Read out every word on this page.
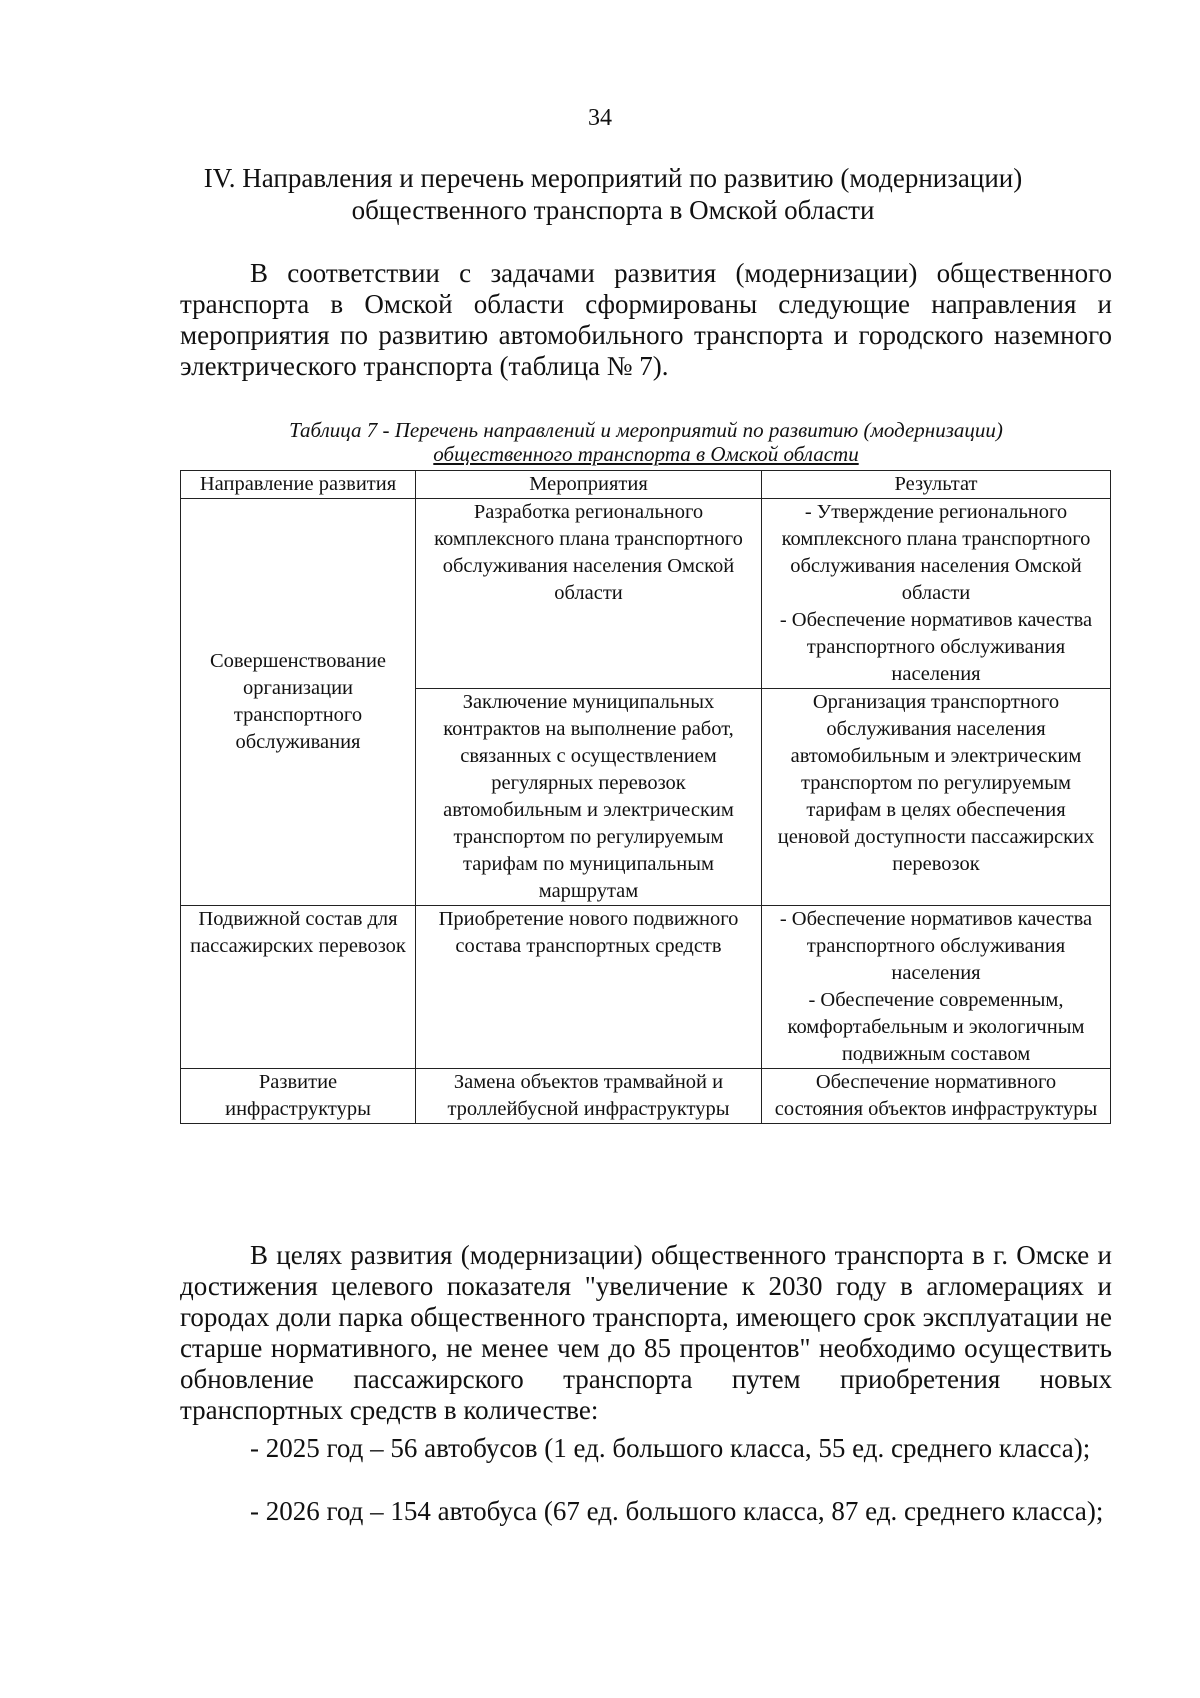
34
IV. Направления и перечень мероприятий по развитию (модернизации)
общественного транспорта в Омской области
В соответствии с задачами развития (модернизации) общественного транспорта в Омской области сформированы следующие направления и мероприятия по развитию автомобильного транспорта и городского наземного электрического транспорта (таблица № 7).
Таблица 7 - Перечень направлений и мероприятий по развитию (модернизации)
общественного транспорта в Омской области
Направление развития	Мероприятия	Результат
Совершенствование организации транспортного обслуживания	Разработка регионального комплексного плана транспортного обслуживания населения Омской области	- Утверждение регионального комплексного плана транспортного обслуживания населения Омской области
- Обеспечение нормативов качества транспортного обслуживания населения

	Заключение муниципальных контрактов на выполнение работ, связанных с осуществлением регулярных перевозок автомобильным и электрическим транспортом по регулируемым тарифам по муниципальным маршрутам	Организация транспортного обслуживания населения автомобильным и электрическим транспортом по регулируемым тарифам в целях обеспечения ценовой доступности пассажирских перевозок
Подвижной состав для пассажирских перевозок	Приобретение нового подвижного состава транспортных средств	- Обеспечение нормативов качества транспортного обслуживания населения
- Обеспечение современным, комфортабельным и экологичным подвижным составом

Развитие инфраструктуры	Замена объектов трамвайной и троллейбусной инфраструктуры	Обеспечение нормативного состояния объектов инфраструктуры
В целях развития (модернизации) общественного транспорта в г. Омске и достижения целевого показателя "увеличение к 2030 году в агломерациях и городах доли парка общественного транспорта, имеющего срок эксплуатации не старше нормативного, не менее чем до 85 процентов" необходимо осуществить обновление пассажирского транспорта путем приобретения новых транспортных средств в количестве:
- 2025 год – 56 автобусов (1 ед. большого класса, 55 ед. среднего класса);
- 2026 год – 154 автобуса (67 ед. большого класса, 87 ед. среднего класса);
